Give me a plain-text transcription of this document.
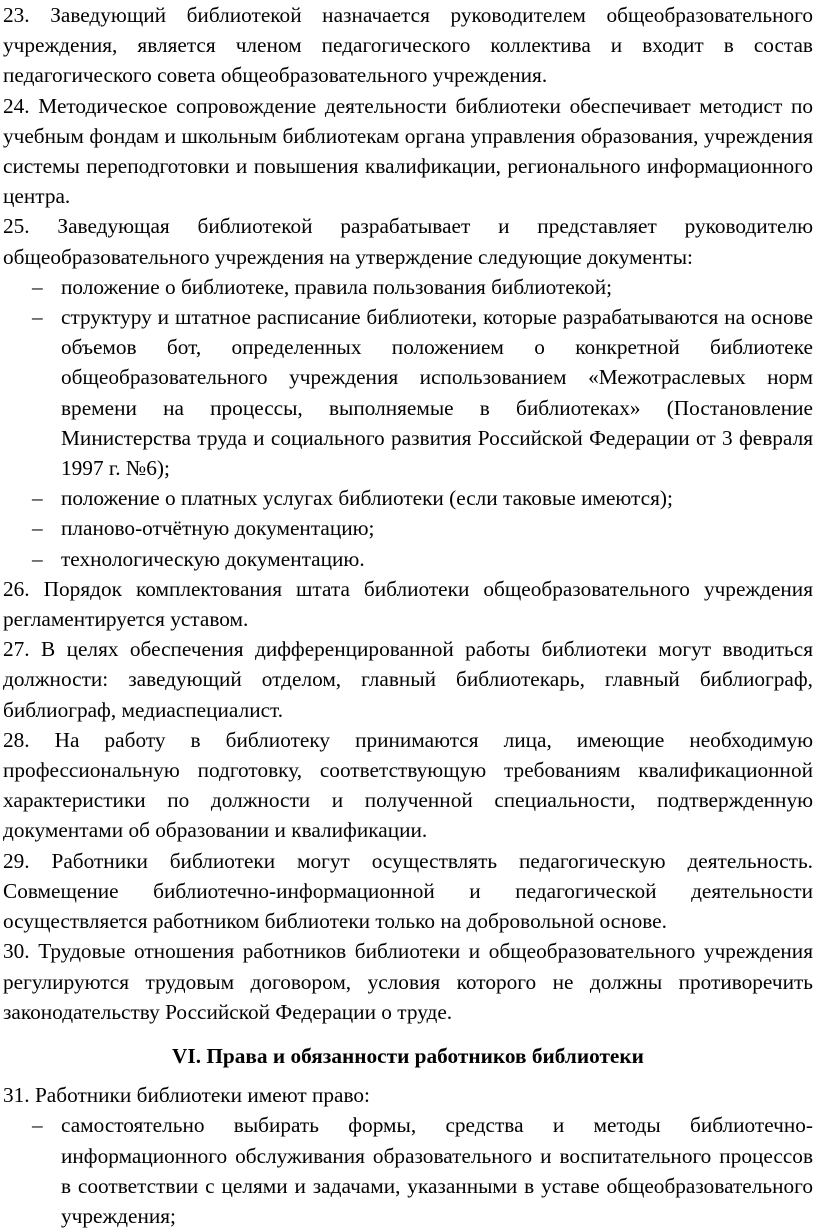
23. Заведующий библиотекой назначается руководителем общеобразовательного учреждения, является членом педагогического коллектива и входит в состав педагогического совета общеобразовательного учреждения.

24. Методическое сопровождение деятельности библиотеки обеспечивает методист по учебным фондам и школьным библиотекам органа управления образования, учреждения системы переподготовки и повышения квалификации, регионального информационного центра.

25. Заведующая библиотекой разрабатывает и представляет руководителю общеобразовательного учреждения на утверждение следующие документы:

– положение о библиотеке, правила пользования библиотекой;
– структуру и штатное расписание библиотеки, которые разрабатываются на основе объемов бот, определенных положением о конкретной библиотеке общеобразовательного учреждения использованием «Межотраслевых норм времени на процессы, выполняемые в библиотеках» (Постановление Министерства труда и социального развития Российской Федерации от 3 февраля 1997 г. №6);
– положение о платных услугах библиотеки (если таковые имеются);
– планово-отчётную документацию;
– технологическую документацию.

26. Порядок комплектования штата библиотеки общеобразовательного учреждения регламентируется уставом.

27. В целях обеспечения дифференцированной работы библиотеки могут вводиться должности: заведующий отделом, главный библиотекарь, главный библиограф, библиограф, медиаспециалист.

28. На работу в библиотеку принимаются лица, имеющие необходимую профессиональную подготовку, соответствующую требованиям квалификационной характеристики по должности и полученной специальности, подтвержденную документами об образовании и квалификации.

29. Работники библиотеки могут осуществлять педагогическую деятельность. Совмещение библиотечно-информационной и педагогической деятельности осуществляется работником библиотеки только на добровольной основе.

30. Трудовые отношения работников библиотеки и общеобразовательного учреждения регулируются трудовым договором, условия которого не должны противоречить законодательству Российской Федерации о труде.

VI. Права и обязанности работников библиотеки

31. Работники библиотеки имеют право:

– самостоятельно выбирать формы, средства и методы библиотечно-информационного обслуживания образовательного и воспитательного процессов в соответствии с целями и задачами, указанными в уставе общеобразовательного учреждения;
